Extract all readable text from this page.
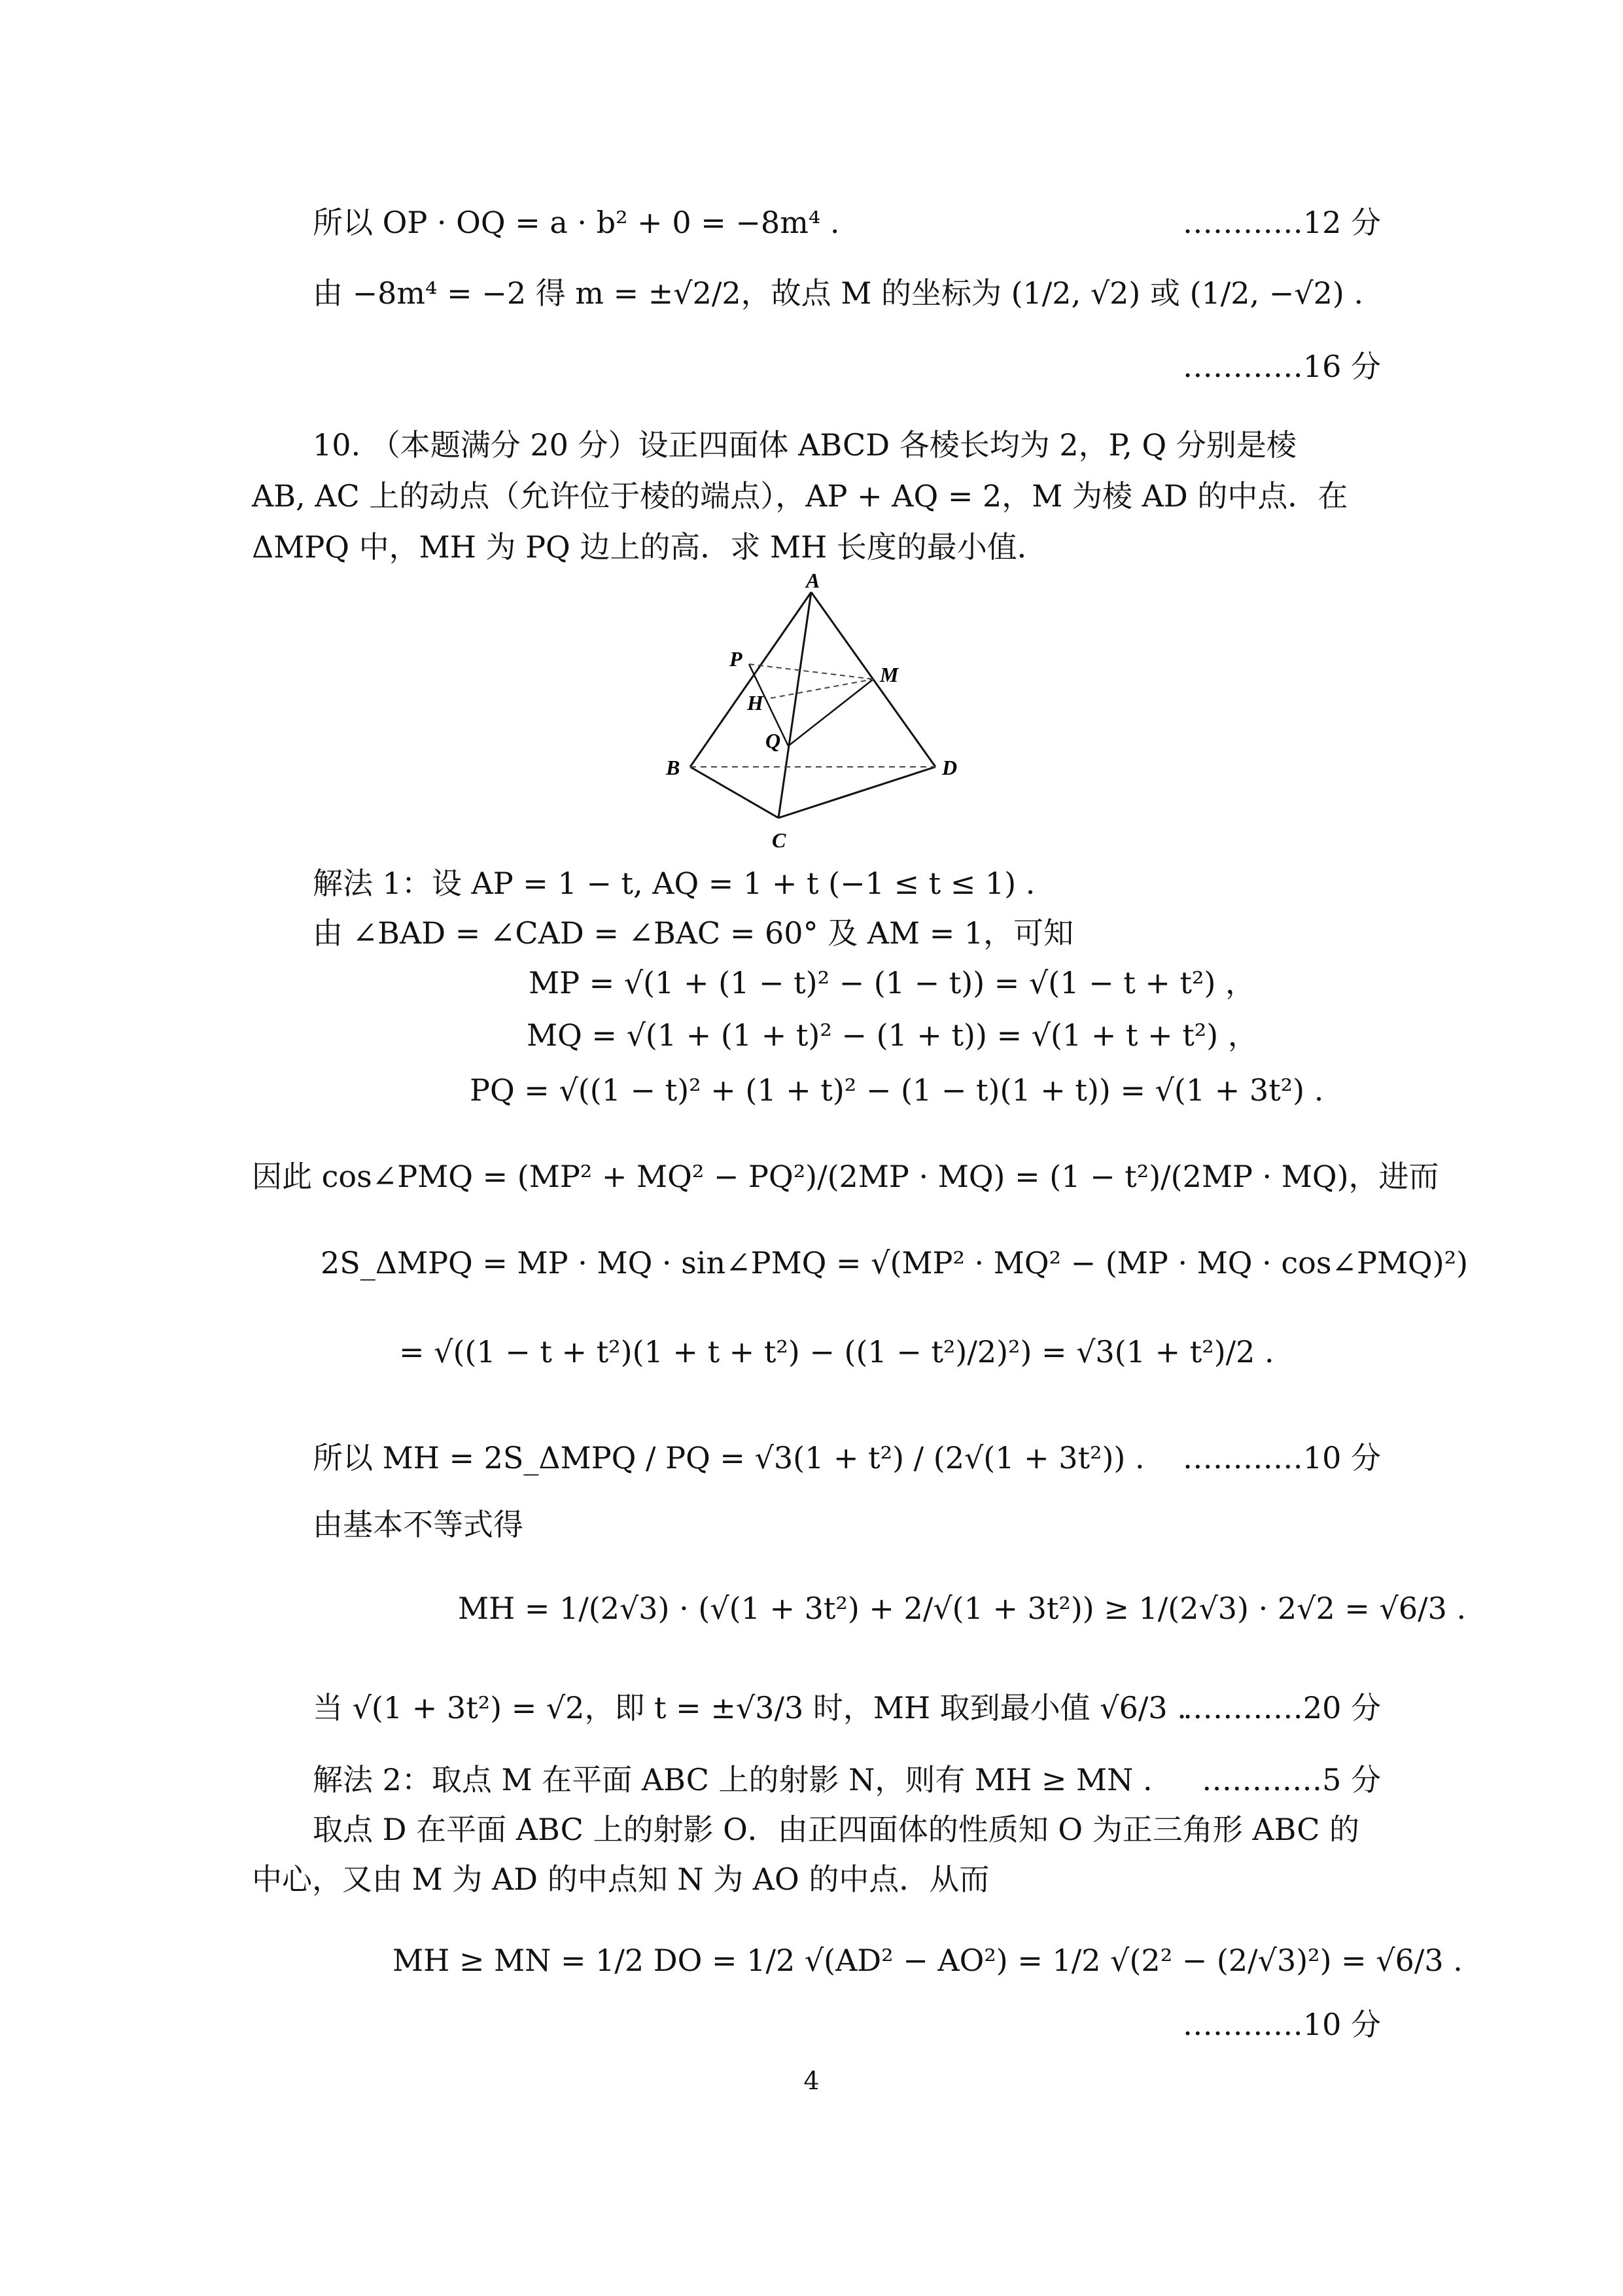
所以 OP · OQ = a · b² + 0 = −8m⁴ .	…………12 分
由 −8m⁴ = −2 得 m = ±√2/2，故点 M 的坐标为 (1/2, √2) 或 (1/2, −√2) .
…………16 分
10. （本题满分 20 分）设正四面体 ABCD 各棱长均为 2，P, Q 分别是棱
AB, AC 上的动点（允许位于棱的端点），AP + AQ = 2，M 为棱 AD 的中点．在
ΔMPQ 中，MH 为 PQ 边上的高．求 MH 长度的最小值．
A
B
C
D
P
M
H
Q
解法 1：设 AP = 1 − t, AQ = 1 + t (−1 ≤ t ≤ 1) .
由 ∠BAD = ∠CAD = ∠BAC = 60° 及 AM = 1，可知
MP = √(1 + (1 − t)² − (1 − t)) = √(1 − t + t²) ，
MQ = √(1 + (1 + t)² − (1 + t)) = √(1 + t + t²) ，
PQ = √((1 − t)² + (1 + t)² − (1 − t)(1 + t)) = √(1 + 3t²) .
因此 cos∠PMQ = (MP² + MQ² − PQ²)/(2MP · MQ) = (1 − t²)/(2MP · MQ)，进而
2S_ΔMPQ = MP · MQ · sin∠PMQ = √(MP² · MQ² − (MP · MQ · cos∠PMQ)²)
= √((1 − t + t²)(1 + t + t²) − ((1 − t²)/2)²) = √3(1 + t²)/2 .
所以 MH = 2S_ΔMPQ / PQ = √3(1 + t²) / (2√(1 + 3t²)) . …………10 分
由基本不等式得
MH = 1/(2√3) · (√(1 + 3t²) + 2/√(1 + 3t²)) ≥ 1/(2√3) · 2√2 = √6/3 .
当 √(1 + 3t²) = √2，即 t = ±√3/3 时，MH 取到最小值 √6/3 .
…………20 分
解法 2：取点 M 在平面 ABC 上的射影 N，则有 MH ≥ MN . …………5 分
取点 D 在平面 ABC 上的射影 O．由正四面体的性质知 O 为正三角形 ABC 的
中心，又由 M 为 AD 的中点知 N 为 AO 的中点．从而
MH ≥ MN = 1/2 DO = 1/2 √(AD² − AO²) = 1/2 √(2² − (2/√3)²) = √6/3 .
…………10 分
4
